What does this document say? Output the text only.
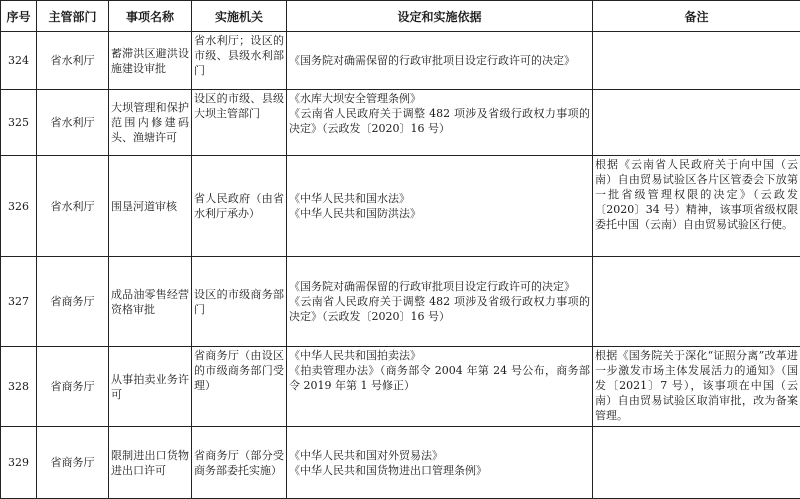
序号	主管部门	事项名称	实施机关	设定和实施依据	备注
324	省水利厅	蓄滞洪区避洪设施建设审批	省水利厅；设区的市级、县级水利部门	《国务院对确需保留的行政审批项目设定行政许可的决定》	
325	省水利厅	大坝管理和保护范围内修建码头、渔塘许可	设区的市级、县级大坝主管部门	《水库大坝安全管理条例》
《云南省人民政府关于调整 482 项涉及省级行政权力事项的决定》（云政发〔2020〕16 号）	
326	省水利厅	围垦河道审核	省人民政府（由省水利厅承办）	《中华人民共和国水法》
《中华人民共和国防洪法》	根据《云南省人民政府关于向中国（云南）自由贸易试验区各片区管委会下放第一批省级管理权限的决定》（云政发〔2020〕34 号）精神，该事项省级权限委托中国（云南）自由贸易试验区行使。
327	省商务厅	成品油零售经营资格审批	设区的市级商务部门	《国务院对确需保留的行政审批项目设定行政许可的决定》
《云南省人民政府关于调整 482 项涉及省级行政权力事项的决定》（云政发〔2020〕16 号）	

328	省商务厅	从事拍卖业务许可	省商务厅（由设区的市级商务部门受理）	《中华人民共和国拍卖法》
《拍卖管理办法》（商务部令 2004 年第 24 号公布，商务部令 2019 年第 1 号修正）	根据《国务院关于深化“证照分离”改革进一步激发市场主体发展活力的通知》（国发〔2021〕7 号），该事项在中国（云南）自由贸易试验区取消审批，改为备案管理。
329	省商务厅	限制进出口货物进出口许可	省商务厅（部分受商务部委托实施）	《中华人民共和国对外贸易法》
《中华人民共和国货物进出口管理条例》	
